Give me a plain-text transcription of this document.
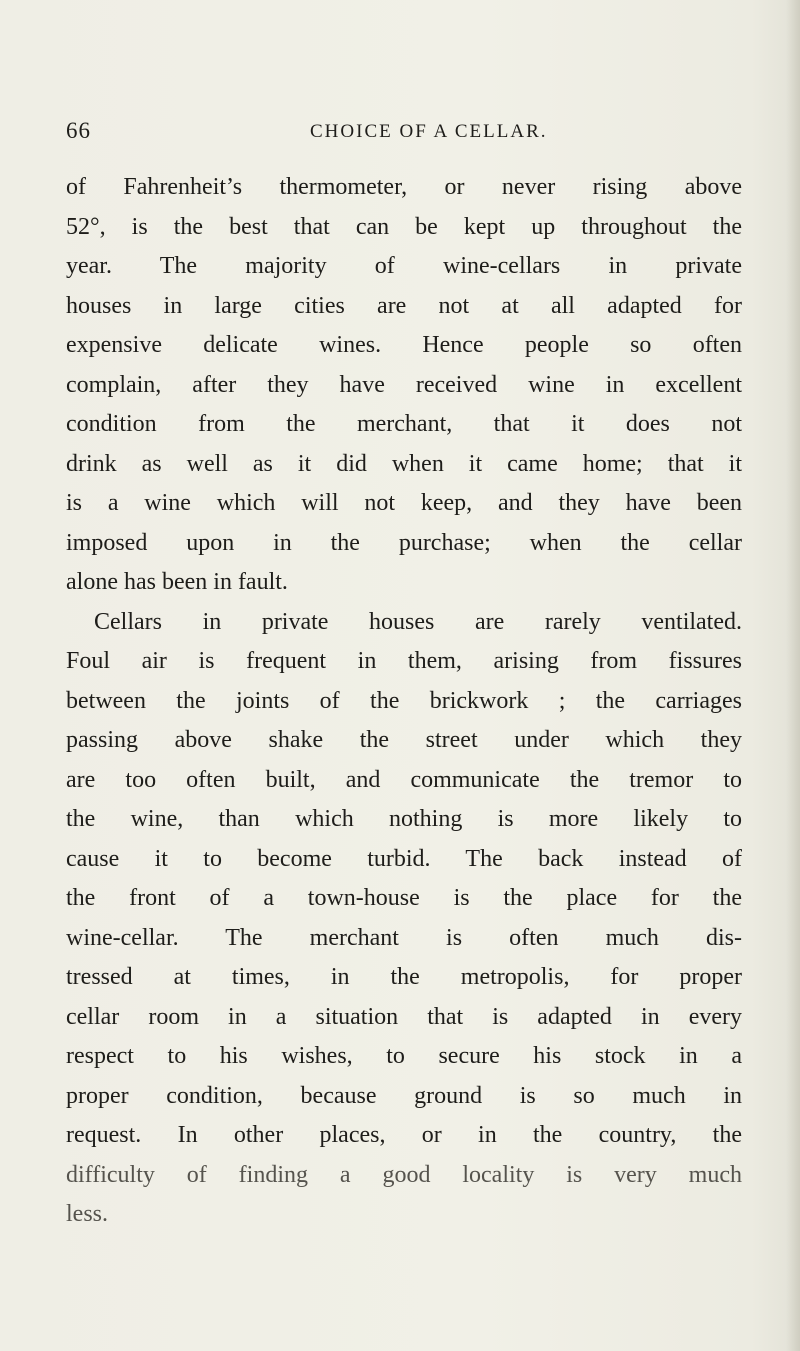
66	CHOICE OF A CELLAR.
of Fahrenheit’s thermometer, or never rising above
52°, is the best that can be kept up throughout the
year. The majority of wine-cellars in private
houses in large cities are not at all adapted for
expensive delicate wines. Hence people so often
complain, after they have received wine in excellent
condition from the merchant, that it does not
drink as well as it did when it came home; that it
is a wine which will not keep, and they have been
imposed upon in the purchase; when the cellar
alone has been in fault.
Cellars in private houses are rarely ventilated.
Foul air is frequent in them, arising from fissures
between the joints of the brickwork ; the carriages
passing above shake the street under which they
are too often built, and communicate the tremor to
the wine, than which nothing is more likely to
cause it to become turbid. The back instead of
the front of a town-house is the place for the
wine-cellar. The merchant is often much dis-
tressed at times, in the metropolis, for proper
cellar room in a situation that is adapted in every
respect to his wishes, to secure his stock in a
proper condition, because ground is so much in
request. In other places, or in the country, the
difficulty of finding a good locality is very much
less.
